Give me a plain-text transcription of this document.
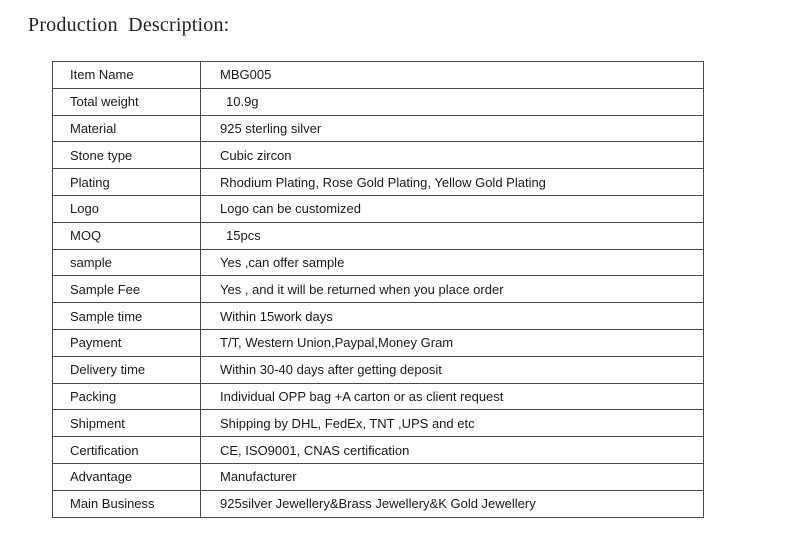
Production  Description:
Item Name	MBG005
Total weight	10.9g
Material	925 sterling silver
Stone type	Cubic zircon
Plating	Rhodium Plating, Rose Gold Plating, Yellow Gold Plating
Logo	Logo can be customized
MOQ	15pcs
sample	Yes ,can offer sample
Sample Fee	Yes , and it will be returned when you place order
Sample time	Within 15work days
Payment	T/T, Western Union,Paypal,Money Gram
Delivery time	Within 30-40 days after getting deposit
Packing	Individual OPP bag +A carton or as client request
Shipment	Shipping by DHL, FedEx, TNT ,UPS and etc
Certification	CE, ISO9001, CNAS certification
Advantage	Manufacturer
Main Business	925silver Jewellery&Brass Jewellery&K Gold Jewellery
